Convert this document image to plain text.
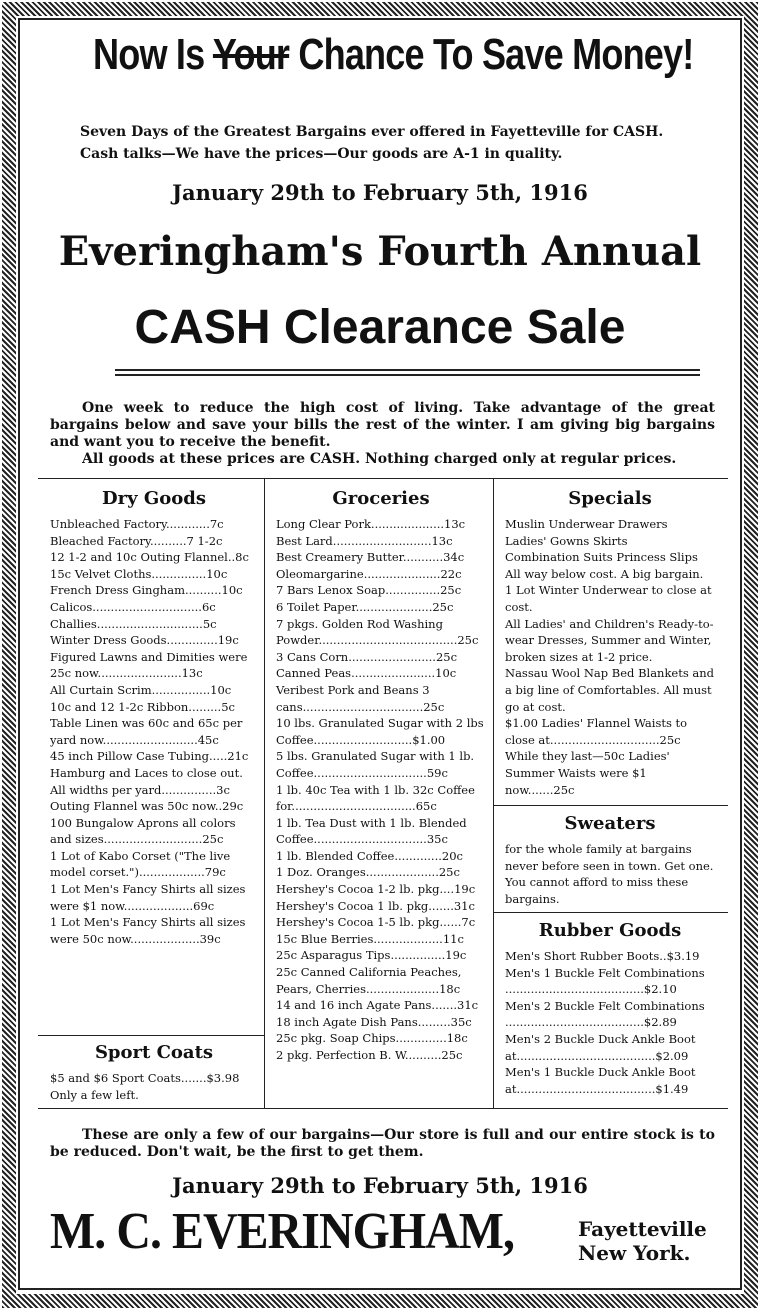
Now Is Your Chance To Save Money!
Seven Days of the Greatest Bargains ever offered in Fayetteville for CASH.
Cash talks—We have the prices—Our goods are A-1 in quality.
January 29th to February 5th, 1916
Everingham's Fourth Annual
CASH Clearance Sale

One week to reduce the high cost of living. Take advantage of the great bargains below and save your bills the rest of the winter. I am giving big bargains and want you to receive the benefit.

All goods at these prices are CASH. Nothing charged only at regular prices.

Dry Goods
Unbleached Factory............7c
Bleached Factory..........7 1-2c
12 1-2 and 10c Outing Flannel..8c
15c Velvet Cloths...............10c
French Dress Gingham..........10c
Calicos..............................6c
Challies.............................5c
Winter Dress Goods..............19c
Figured Lawns and Dimities were 25c now.......................13c
All Curtain Scrim................10c
10c and 12 1-2c Ribbon.........5c
Table Linen was 60c and 65c per yard now..........................45c
45 inch Pillow Case Tubing.....21c
Hamburg and Laces to close out. All widths per yard...............3c
Outing Flannel was 50c now..29c
100 Bungalow Aprons all colors and sizes...........................25c
1 Lot of Kabo Corset ("The live model corset.")..................79c
1 Lot Men's Fancy Shirts all sizes were $1 now...................69c
1 Lot Men's Fancy Shirts all sizes were 50c now...................39c
Sport Coats
$5 and $6 Sport Coats.......$3.98
Only a few left.
Groceries
Long Clear Pork....................13c
Best Lard...........................13c
Best Creamery Butter...........34c
Oleomargarine.....................22c
7 Bars Lenox Soap...............25c
6 Toilet Paper.....................25c
7 pkgs. Golden Rod Washing Powder......................................25c
3 Cans Corn........................25c
Canned Peas.......................10c
Veribest Pork and Beans 3 cans.................................25c
10 lbs. Granulated Sugar with 2 lbs Coffee...........................$1.00
5 lbs. Granulated Sugar with 1 lb. Coffee...............................59c
1 lb. 40c Tea with 1 lb. 32c Coffee for..................................65c
1 lb. Tea Dust with 1 lb. Blended Coffee...............................35c
1 lb. Blended Coffee.............20c
1 Doz. Oranges....................25c
Hershey's Cocoa 1-2 lb. pkg....19c
Hershey's Cocoa 1 lb. pkg.......31c
Hershey's Cocoa 1-5 lb. pkg......7c
15c Blue Berries...................11c
25c Asparagus Tips...............19c
25c Canned California Peaches, Pears, Cherries....................18c
14 and 16 inch Agate Pans.......31c
18 inch Agate Dish Pans.........35c
25c pkg. Soap Chips..............18c
2 pkg. Perfection B. W..........25c
Specials
Muslin Underwear Drawers
Ladies' Gowns Skirts
Combination Suits Princess Slips
All way below cost. A big bargain.
1 Lot Winter Underwear to close at cost.
All Ladies' and Children's Ready-to-wear Dresses, Summer and Winter, broken sizes at 1-2 price.
Nassau Wool Nap Bed Blankets and a big line of Comfortables. All must go at cost.
$1.00 Ladies' Flannel Waists to close at..............................25c
While they last—50c Ladies' Summer Waists were $1 now.......25c
Sweaters
for the whole family at bargains never before seen in town. Get one. You cannot afford to miss these bargains.
Rubber Goods
Men's Short Rubber Boots..$3.19
Men's 1 Buckle Felt Combinations ......................................$2.10
Men's 2 Buckle Felt Combinations ......................................$2.89
Men's 2 Buckle Duck Ankle Boot at......................................$2.09
Men's 1 Buckle Duck Ankle Boot at......................................$1.49
These are only a few of our bargains—Our store is full and our entire stock is to be reduced. Don't wait, be the first to get them.
January 29th to February 5th, 1916
M. C. EVERINGHAM,	Fayetteville
New York.
